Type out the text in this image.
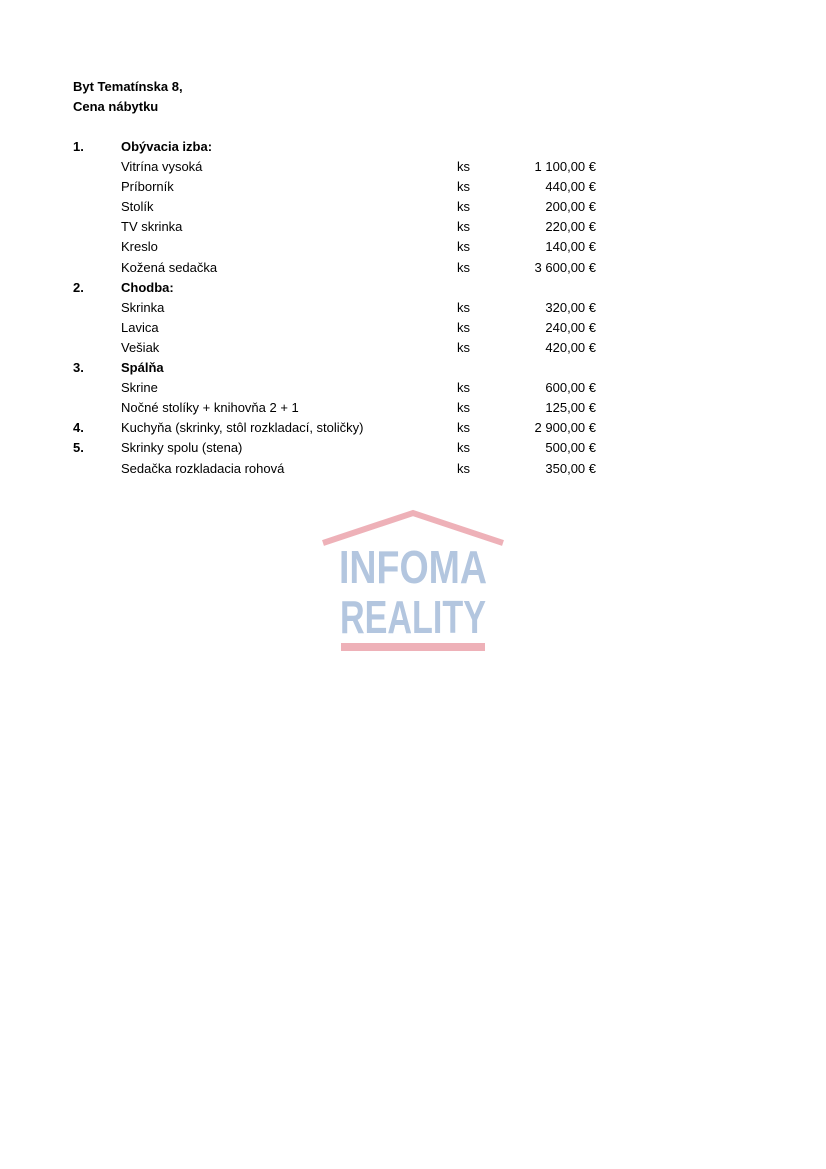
Byt Tematínska 8,
Cena nábytku
1.	Obývacia izba:
Vitrína vysoká	ks	1 100,00 €
Príborník	ks	440,00 €
Stolík	ks	200,00 €
TV skrinka	ks	220,00 €
Kreslo	ks	140,00 €
Kožená sedačka	ks	3 600,00 €
2.	Chodba:
Skrinka	ks	320,00 €
Lavica	ks	240,00 €
Vešiak	ks	420,00 €
3.	Spálňa
Skrine	ks	600,00 €
Nočné stolíky + knihovňa 2 + 1	ks	125,00 €
4.	Kuchyňa (skrinky, stôl rozkladací, stoličky)	ks	2 900,00 €
5.	Skrinky spolu (stena)	ks	500,00 €
Sedačka rozkladacia rohová	ks	350,00 €
INFOMA
REALITY
